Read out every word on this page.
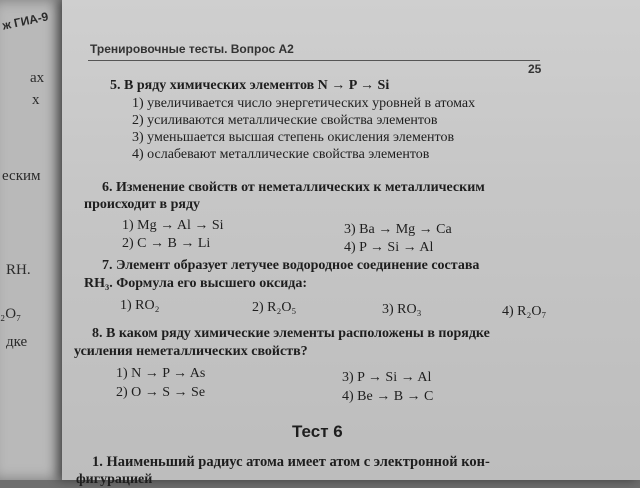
ж ГИА-9
ах
х
еским
RH.
₂O₇
дке
Тренировочные тесты. Вопрос А2
25
5. В ряду химических элементов N → P → Si
1) увеличивается число энергетических уровней в атомах
2) усиливаются металлические свойства элементов
3) уменьшается высшая степень окисления элементов
4) ослабевают металлические свойства элементов
6. Изменение свойств от неметаллических к металлическим
происходит в ряду
1) Mg → Al → Si	3) Ba → Mg → Ca
2) C → B → Li	4) P → Si → Al
7. Элемент образует летучее водородное соединение состава
RH₃. Формула его высшего оксида:
1) RO₂	2) R₂O₅	3) RO₃	4) R₂O₇
8. В каком ряду химические элементы расположены в порядке
усиления неметаллических свойств?
1) N → P → As	3) P → Si → Al
2) O → S → Se	4) Be → B → C
Тест 6
1. Наименьший радиус атома имеет атом с электронной кон-
фигурацией
